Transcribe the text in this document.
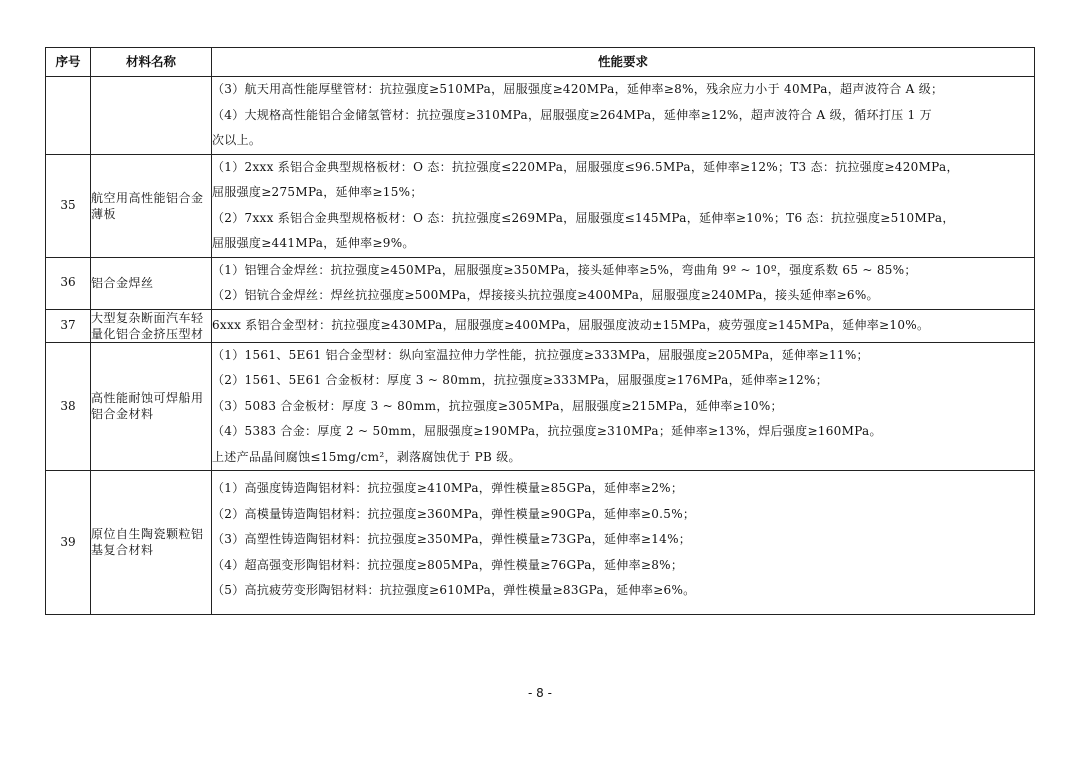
序号	材料名称	性能要求

		（3）航天用高性能厚壁管材：抗拉强度≥510MPa，屈服强度≥420MPa，延伸率≥8%，残余应力小于 40MPa，超声波符合 A 级；
（4）大规格高性能铝合金储氢管材：抗拉强度≥310MPa，屈服强度≥264MPa，延伸率≥12%，超声波符合 A 级，循环打压 1 万
次以上。

35	航空用高性能铝合金薄板	（1）2xxx 系铝合金典型规格板材：O 态：抗拉强度≤220MPa，屈服强度≤96.5MPa，延伸率≥12%；T3 态：抗拉强度≥420MPa，
屈服强度≥275MPa，延伸率≥15%；
（2）7xxx 系铝合金典型规格板材：O 态：抗拉强度≤269MPa，屈服强度≤145MPa，延伸率≥10%；T6 态：抗拉强度≥510MPa，
屈服强度≥441MPa，延伸率≥9%。

36	铝合金焊丝	（1）铝锂合金焊丝：抗拉强度≥450MPa，屈服强度≥350MPa，接头延伸率≥5%，弯曲角 9º ~ 10º，强度系数 65 ~ 85%；
（2）铝钪合金焊丝：焊丝抗拉强度≥500MPa，焊接接头抗拉强度≥400MPa，屈服强度≥240MPa，接头延伸率≥6%。

37	大型复杂断面汽车轻量化铝合金挤压型材	6xxx 系铝合金型材：抗拉强度≥430MPa，屈服强度≥400MPa，屈服强度波动±15MPa，疲劳强度≥145MPa，延伸率≥10%。

38	高性能耐蚀可焊船用铝合金材料	（1）1561、5E61 铝合金型材：纵向室温拉伸力学性能，抗拉强度≥333MPa，屈服强度≥205MPa，延伸率≥11%；
（2）1561、5E61 合金板材：厚度 3 ~ 80mm，抗拉强度≥333MPa，屈服强度≥176MPa，延伸率≥12%；
（3）5083 合金板材：厚度 3 ~ 80mm，抗拉强度≥305MPa，屈服强度≥215MPa，延伸率≥10%；
（4）5383 合金：厚度 2 ~ 50mm，屈服强度≥190MPa，抗拉强度≥310MPa；延伸率≥13%，焊后强度≥160MPa。
上述产品晶间腐蚀≤15mg/cm²，剥落腐蚀优于 PB 级。

39	原位自生陶瓷颗粒铝基复合材料	（1）高强度铸造陶铝材料：抗拉强度≥410MPa，弹性模量≥85GPa，延伸率≥2%；
（2）高模量铸造陶铝材料：抗拉强度≥360MPa，弹性模量≥90GPa，延伸率≥0.5%；
（3）高塑性铸造陶铝材料：抗拉强度≥350MPa，弹性模量≥73GPa，延伸率≥14%；
（4）超高强变形陶铝材料：抗拉强度≥805MPa，弹性模量≥76GPa，延伸率≥8%；
（5）高抗疲劳变形陶铝材料：抗拉强度≥610MPa，弹性模量≥83GPa，延伸率≥6%。
- 8 -
